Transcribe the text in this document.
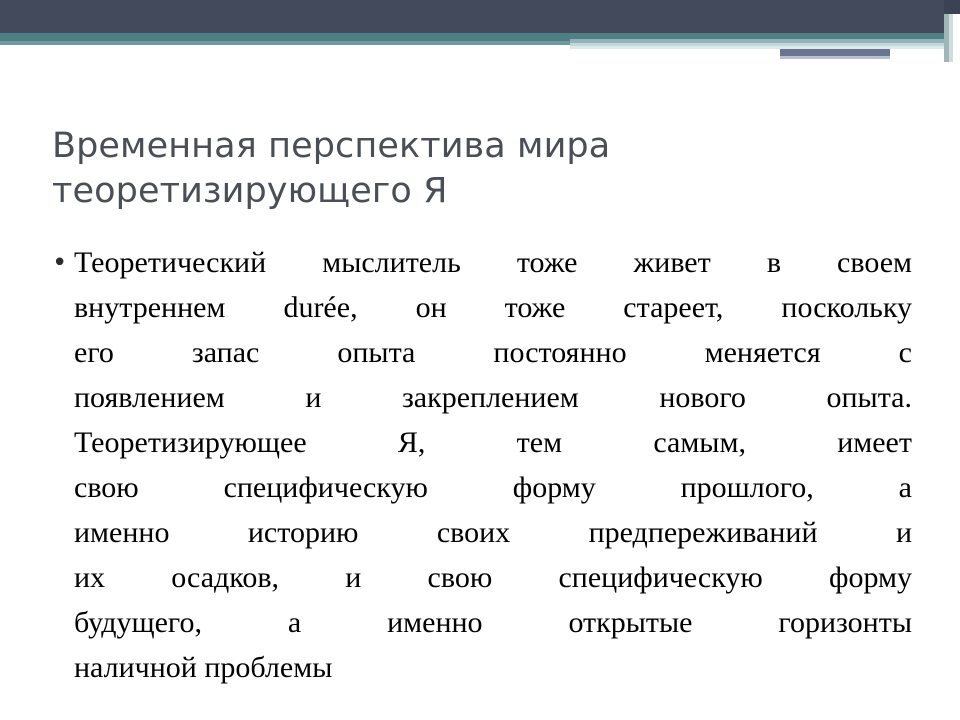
Временная перспектива мира теоретизирующего Я
• Теоретический мыслитель тоже живет в своем
внутреннем durée, он тоже стареет, поскольку
его запас опыта постоянно меняется с
появлением и закреплением нового опыта.
Теоретизирующее Я, тем самым, имеет
свою специфическую форму прошлого, а
именно историю своих предпереживаний и
их осадков, и свою специфическую форму
будущего, а именно открытые горизонты
наличной проблемы
